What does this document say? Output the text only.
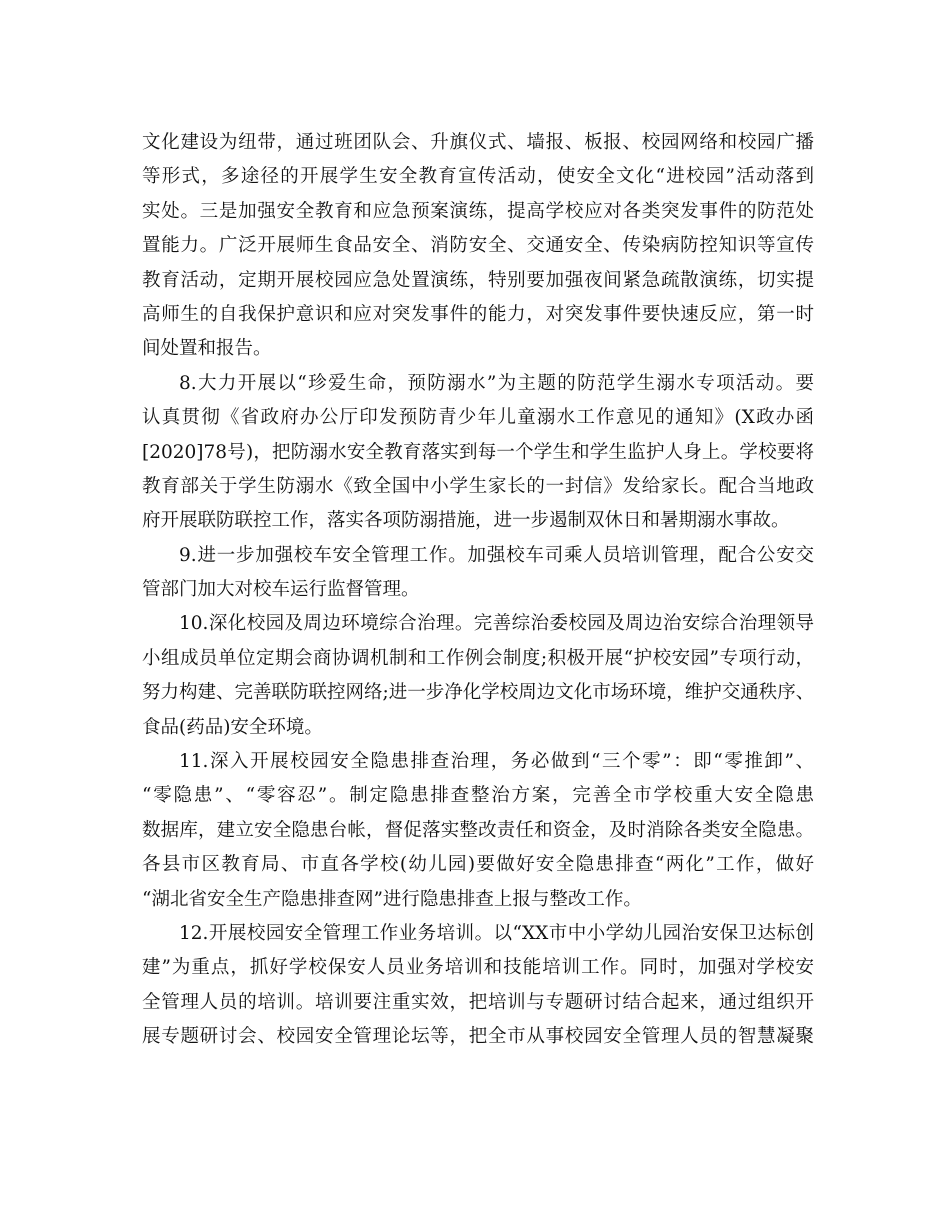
文化建设为纽带，通过班团队会、升旗仪式、墙报、板报、校园网络和校园广播
等形式，多途径的开展学生安全教育宣传活动，使安全文化“进校园”活动落到
实处。三是加强安全教育和应急预案演练，提高学校应对各类突发事件的防范处
置能力。广泛开展师生食品安全、消防安全、交通安全、传染病防控知识等宣传
教育活动，定期开展校园应急处置演练，特别要加强夜间紧急疏散演练，切实提
高师生的自我保护意识和应对突发事件的能力，对突发事件要快速反应，第一时
间处置和报告。
8.大力开展以“珍爱生命，预防溺水”为主题的防范学生溺水专项活动。要
认真贯彻《省政府办公厅印发预防青少年儿童溺水工作意见的通知》(X政办函
[2020]78号)，把防溺水安全教育落实到每一个学生和学生监护人身上。学校要将
教育部关于学生防溺水《致全国中小学生家长的一封信》发给家长。配合当地政
府开展联防联控工作，落实各项防溺措施，进一步遏制双休日和暑期溺水事故。
9.进一步加强校车安全管理工作。加强校车司乘人员培训管理，配合公安交
管部门加大对校车运行监督管理。
10.深化校园及周边环境综合治理。完善综治委校园及周边治安综合治理领导
小组成员单位定期会商协调机制和工作例会制度;积极开展“护校安园”专项行动，
努力构建、完善联防联控网络;进一步净化学校周边文化市场环境，维护交通秩序、
食品(药品)安全环境。
11.深入开展校园安全隐患排查治理，务必做到“三个零”：即“零推卸”、
“零隐患”、“零容忍”。制定隐患排查整治方案，完善全市学校重大安全隐患
数据库，建立安全隐患台帐，督促落实整改责任和资金，及时消除各类安全隐患。
各县市区教育局、市直各学校(幼儿园)要做好安全隐患排查“两化”工作，做好
“湖北省安全生产隐患排查网”进行隐患排查上报与整改工作。
12.开展校园安全管理工作业务培训。以“XX市中小学幼儿园治安保卫达标创
建”为重点，抓好学校保安人员业务培训和技能培训工作。同时，加强对学校安
全管理人员的培训。培训要注重实效，把培训与专题研讨结合起来，通过组织开
展专题研讨会、校园安全管理论坛等，把全市从事校园安全管理人员的智慧凝聚
